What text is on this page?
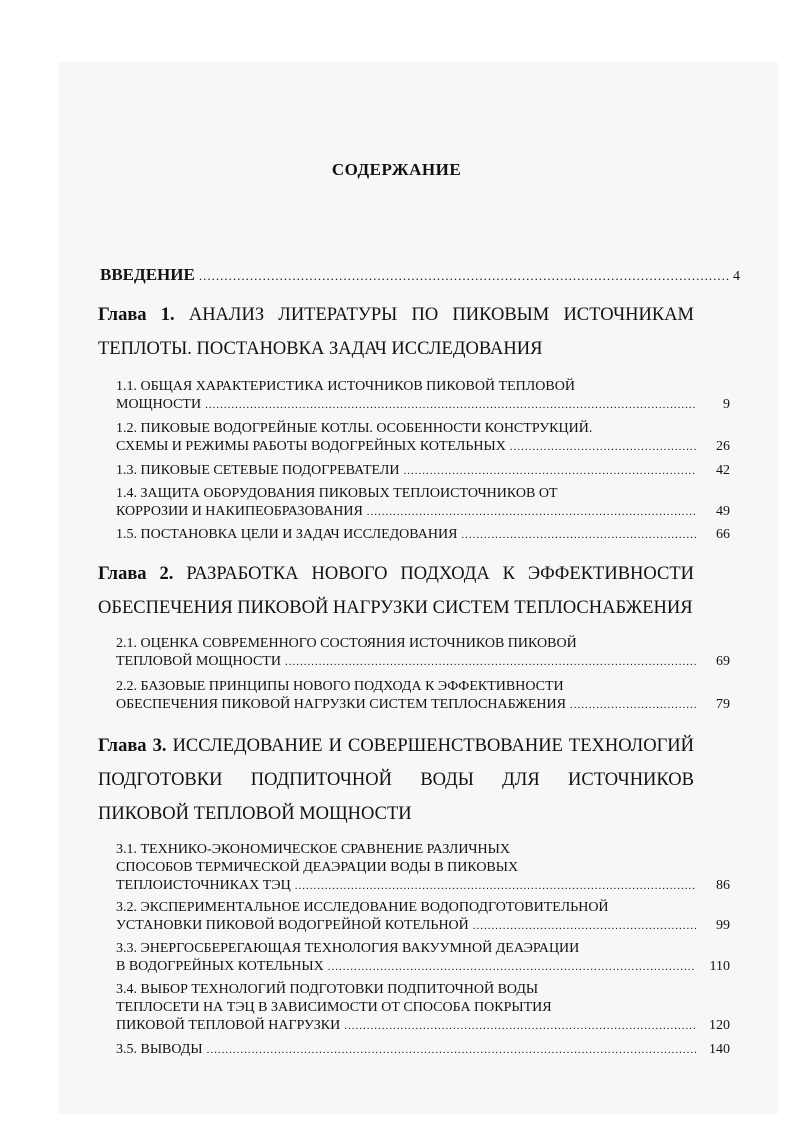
СОДЕРЖАНИЕ
ВВЕДЕНИЕ .....	4
Глава 1. АНАЛИЗ ЛИТЕРАТУРЫ ПО ПИКОВЫМ ИСТОЧНИКАМ ТЕПЛОТЫ. ПОСТАНОВКА ЗАДАЧ ИССЛЕДОВАНИЯ
1.1. ОБЩАЯ ХАРАКТЕРИСТИКА ИСТОЧНИКОВ ПИКОВОЙ ТЕПЛОВОЙ
МОЩНОСТИ .....	9
1.2. ПИКОВЫЕ ВОДОГРЕЙНЫЕ КОТЛЫ. ОСОБЕННОСТИ КОНСТРУКЦИЙ.
СХЕМЫ И РЕЖИМЫ РАБОТЫ ВОДОГРЕЙНЫХ КОТЕЛЬНЫХ .....	26
1.3. ПИКОВЫЕ СЕТЕВЫЕ ПОДОГРЕВАТЕЛИ .....	42
1.4. ЗАЩИТА ОБОРУДОВАНИЯ ПИКОВЫХ ТЕПЛОИСТОЧНИКОВ ОТ
КОРРОЗИИ И НАКИПЕОБРАЗОВАНИЯ .....	49
1.5. ПОСТАНОВКА ЦЕЛИ И ЗАДАЧ ИССЛЕДОВАНИЯ .....	66
Глава 2. РАЗРАБОТКА НОВОГО ПОДХОДА К ЭФФЕКТИВНОСТИ ОБЕСПЕЧЕНИЯ ПИКОВОЙ НАГРУЗКИ СИСТЕМ ТЕПЛОСНАБЖЕНИЯ
2.1. ОЦЕНКА СОВРЕМЕННОГО СОСТОЯНИЯ ИСТОЧНИКОВ ПИКОВОЙ
ТЕПЛОВОЙ МОЩНОСТИ .....	69
2.2. БАЗОВЫЕ ПРИНЦИПЫ НОВОГО ПОДХОДА К ЭФФЕКТИВНОСТИ
ОБЕСПЕЧЕНИЯ ПИКОВОЙ НАГРУЗКИ СИСТЕМ ТЕПЛОСНАБЖЕНИЯ .....	79
Глава 3. ИССЛЕДОВАНИЕ И СОВЕРШЕНСТВОВАНИЕ ТЕХНОЛОГИЙ ПОДГОТОВКИ ПОДПИТОЧНОЙ ВОДЫ ДЛЯ ИСТОЧНИКОВ ПИКОВОЙ ТЕПЛОВОЙ МОЩНОСТИ
3.1. ТЕХНИКО-ЭКОНОМИЧЕСКОЕ СРАВНЕНИЕ РАЗЛИЧНЫХ
СПОСОБОВ ТЕРМИЧЕСКОЙ ДЕАЭРАЦИИ ВОДЫ В ПИКОВЫХ
ТЕПЛОИСТОЧНИКАХ ТЭЦ .....	86
3.2. ЭКСПЕРИМЕНТАЛЬНОЕ ИССЛЕДОВАНИЕ ВОДОПОДГОТОВИТЕЛЬНОЙ
УСТАНОВКИ ПИКОВОЙ ВОДОГРЕЙНОЙ КОТЕЛЬНОЙ .....	99
3.3. ЭНЕРГОСБЕРЕГАЮЩАЯ ТЕХНОЛОГИЯ ВАКУУМНОЙ ДЕАЭРАЦИИ
В ВОДОГРЕЙНЫХ КОТЕЛЬНЫХ .....	110
3.4. ВЫБОР ТЕХНОЛОГИЙ ПОДГОТОВКИ ПОДПИТОЧНОЙ ВОДЫ
ТЕПЛОСЕТИ НА ТЭЦ В ЗАВИСИМОСТИ ОТ СПОСОБА ПОКРЫТИЯ
ПИКОВОЙ ТЕПЛОВОЙ НАГРУЗКИ .....	120
3.5. ВЫВОДЫ .....	140
